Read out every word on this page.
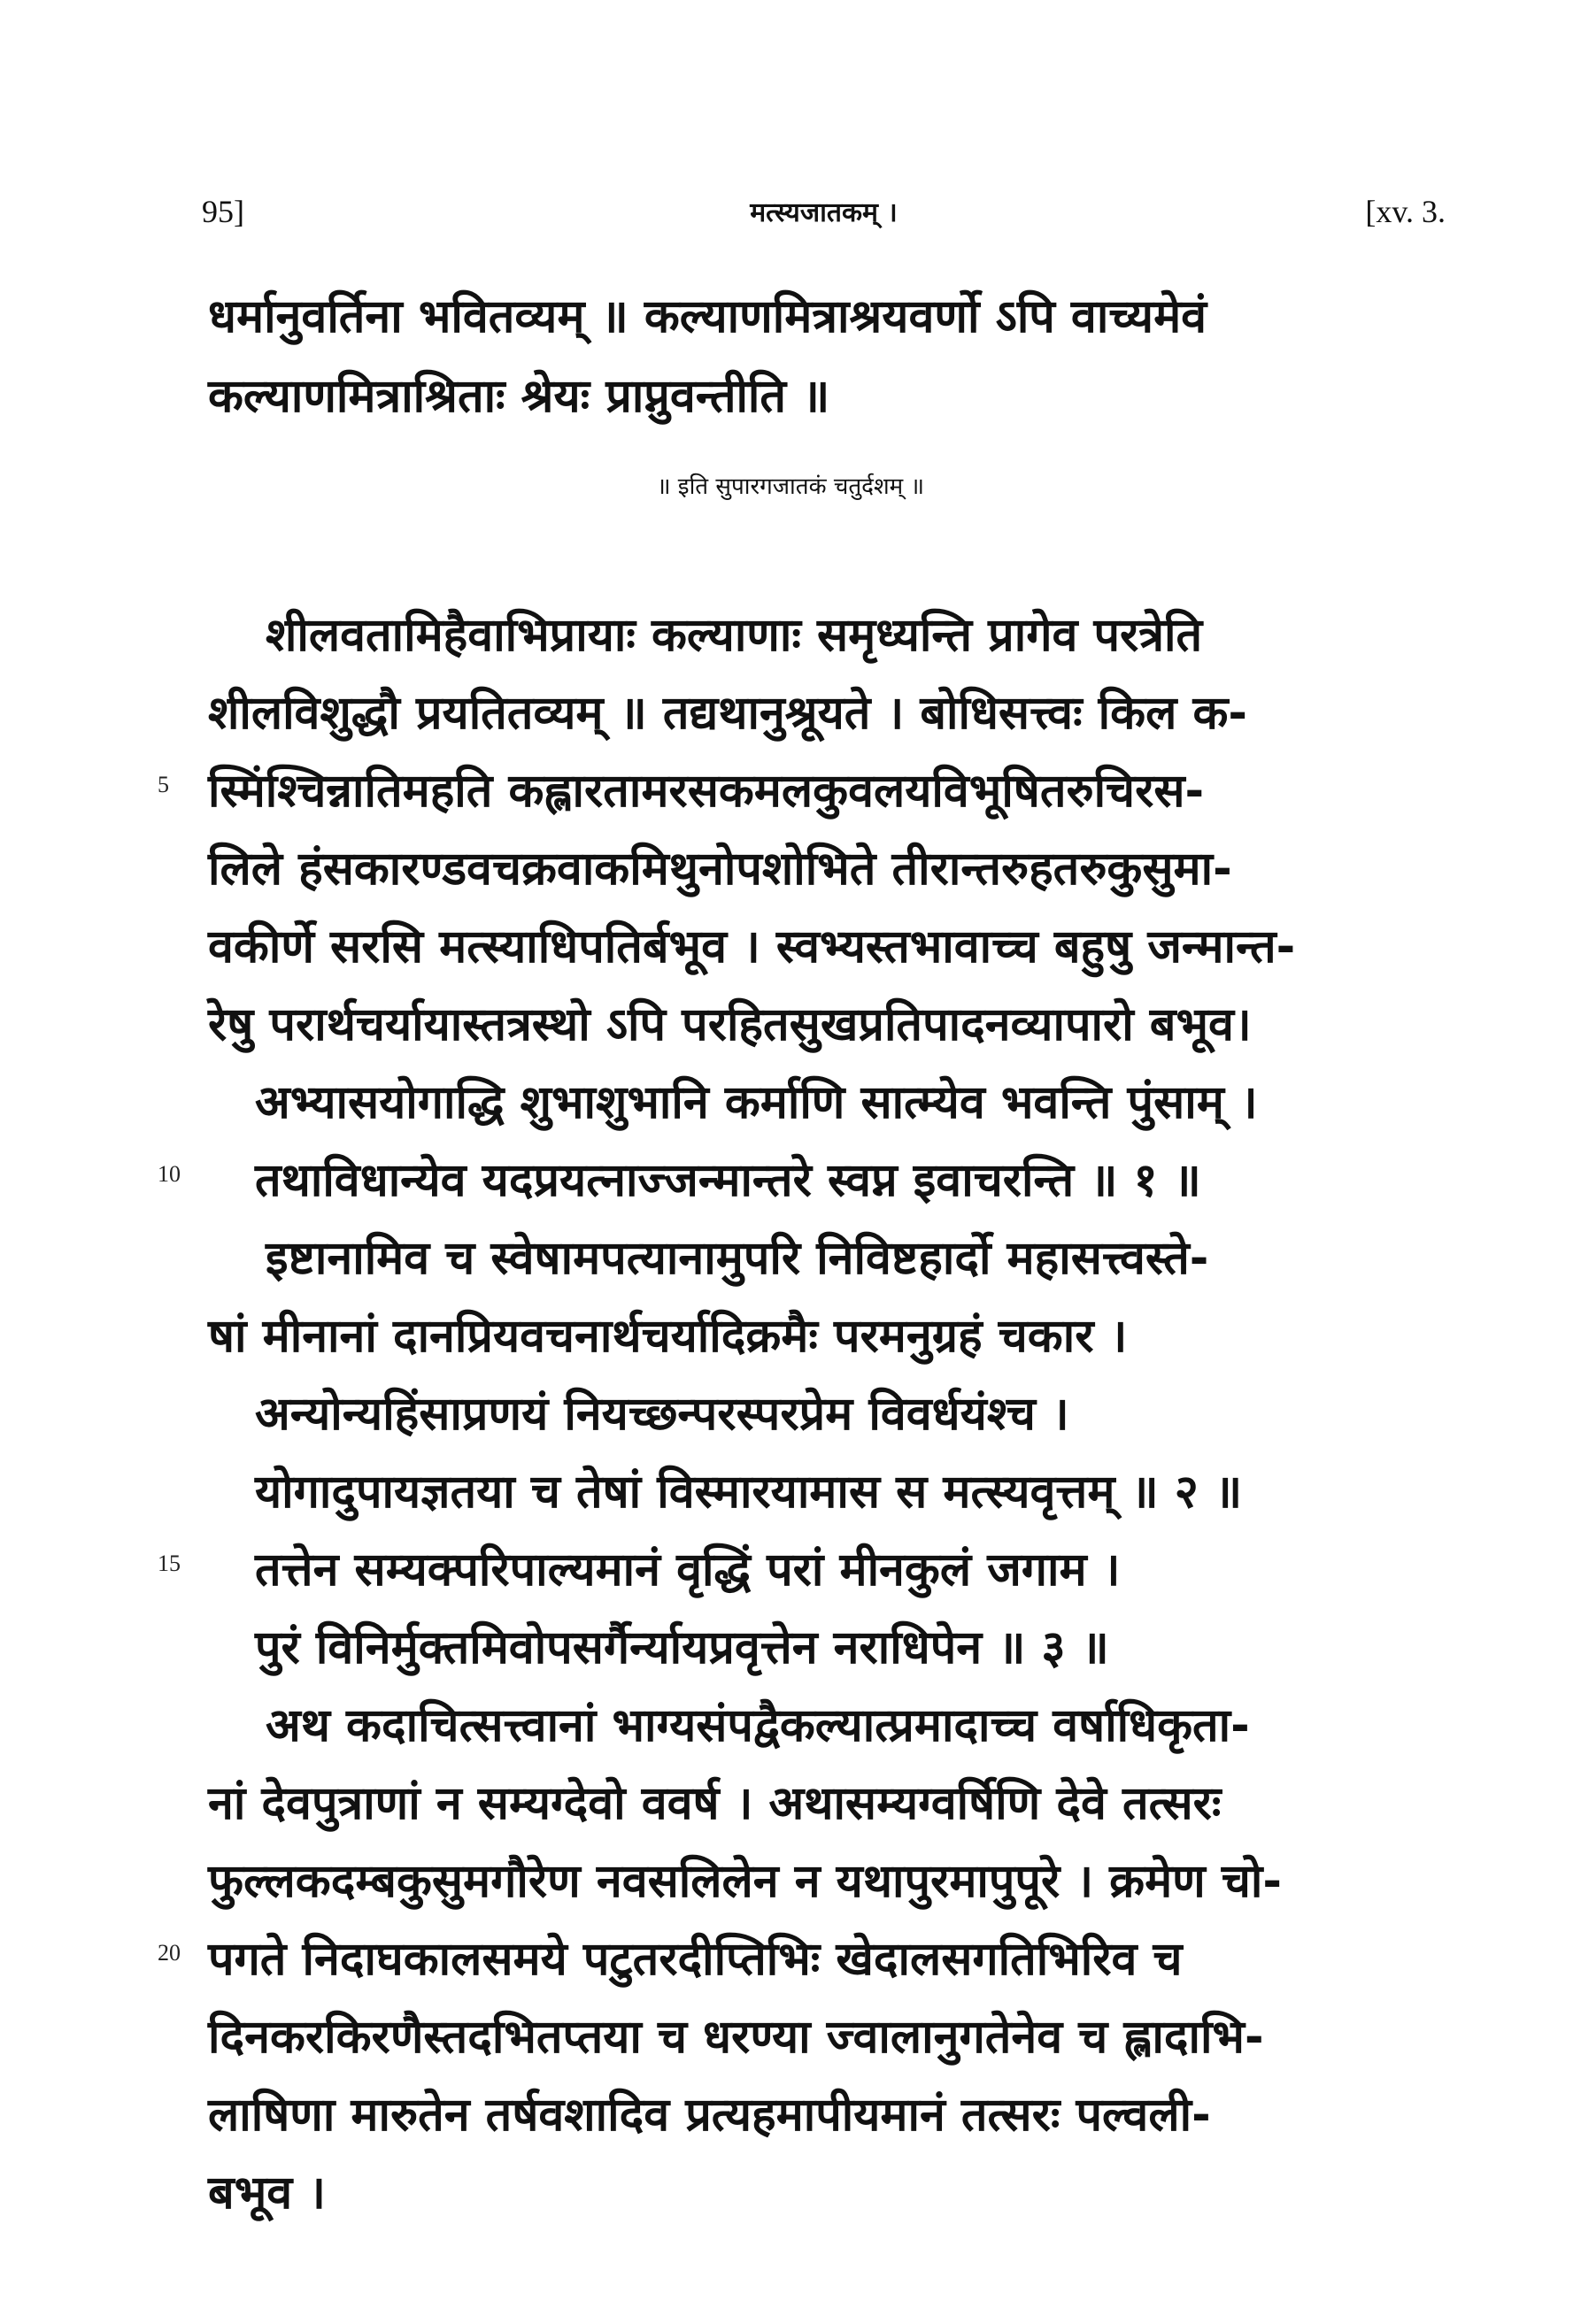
95]	मत्स्यजातकम् ।	[xv. 3.
धर्मानुवर्तिना भवितव्यम् ॥ कल्याणमित्राश्रयवर्णो ऽपि वाच्यमेवं
कल्याणमित्राश्रिताः श्रेयः प्राप्नुवन्तीति ॥
॥ इति सुपारगजातकं चतुर्दशम् ॥
शीलवतामिहैवाभिप्रायाः कल्याणाः समृध्यन्ति प्रागेव परत्रेति
शीलविशुद्धौ प्रयतितव्यम् ॥ तद्यथानुश्रूयते । बोधिसत्त्वः किल क-
स्मिंश्चिन्नातिमहति कह्लारतामरसकमलकुवलयविभूषितरुचिरस-
लिले हंसकारण्डवचक्रवाकमिथुनोपशोभिते तीरान्तरुहतरुकुसुमा-
वकीर्णे सरसि मत्स्याधिपतिर्बभूव । स्वभ्यस्तभावाच्च बहुषु जन्मान्त-
रेषु परार्थचर्यायास्तत्रस्थो ऽपि परहितसुखप्रतिपादनव्यापारो बभूव।
अभ्यासयोगाद्धि शुभाशुभानि कर्माणि सात्म्येव भवन्ति पुंसाम् ।
तथाविधान्येव यदप्रयत्नाज्जन्मान्तरे स्वप्न इवाचरन्ति ॥ १ ॥
इष्टानामिव च स्वेषामपत्यानामुपरि निविष्टहार्दो महासत्त्वस्ते-
षां मीनानां दानप्रियवचनार्थचर्यादिक्रमैः परमनुग्रहं चकार ।
अन्योन्यहिंसाप्रणयं नियच्छन्परस्परप्रेम विवर्धयंश्च ।
योगादुपायज्ञतया च तेषां विस्मारयामास स मत्स्यवृत्तम् ॥ २ ॥
तत्तेन सम्यक्परिपाल्यमानं वृद्धिं परां मीनकुलं जगाम ।
पुरं विनिर्मुक्तमिवोपसर्गैर्न्यायप्रवृत्तेन नराधिपेन ॥ ३ ॥
अथ कदाचित्सत्त्वानां भाग्यसंपद्वैकल्यात्प्रमादाच्च वर्षाधिकृता-
नां देवपुत्राणां न सम्यग्देवो ववर्ष । अथासम्यग्वर्षिणि देवे तत्सरः
फुल्लकदम्बकुसुमगौरेण नवसलिलेन न यथापुरमापुपूरे । क्रमेण चो-
पगते निदाघकालसमये पटुतरदीप्तिभिः खेदालसगतिभिरिव च
दिनकरकिरणैस्तदभितप्तया च धरण्या ज्वालानुगतेनेव च ह्लादाभि-
लाषिणा मारुतेन तर्षवशादिव प्रत्यहमापीयमानं तत्सरः पल्वली-
बभूव ।
5
10
15
20
